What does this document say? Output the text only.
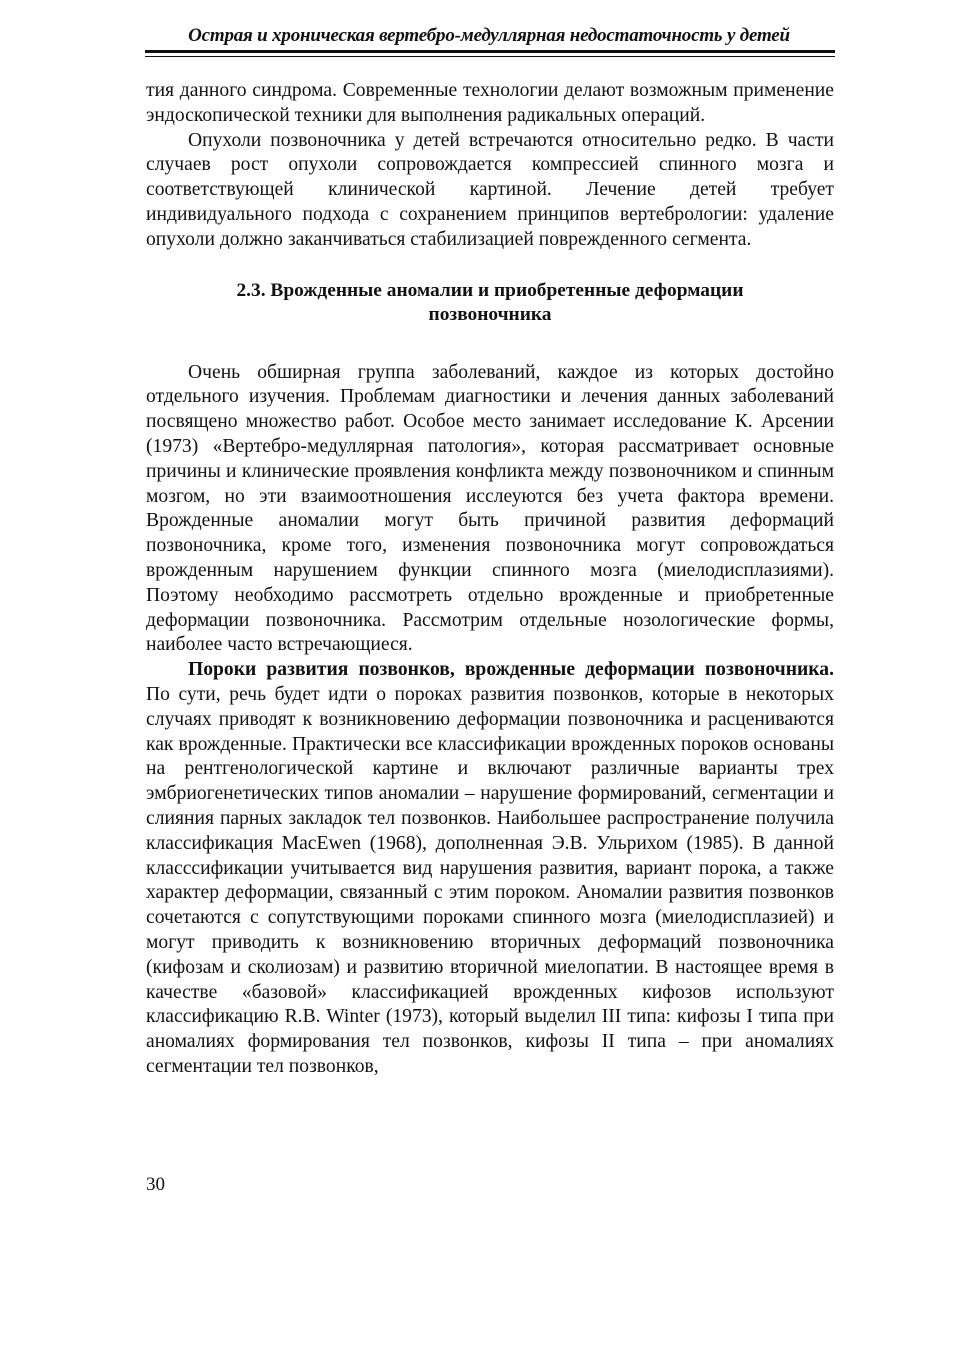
Острая и хроническая вертебро-медуллярная недостаточность у детей

тия данного синдрома. Современные технологии делают возможным применение эндоскопической техники для выполнения радикальных операций.

Опухоли позвоночника у детей встречаются относительно редко. В части случаев рост опухоли сопровождается компрессией спинного мозга и соответствующей клинической картиной. Лечение детей требует индивидуального подхода с сохранением принципов вертебрологии: удаление опухоли должно заканчиваться стабилизацией поврежденного сегмента.

2.3. Врожденные аномалии и приобретенные деформации
позвоночника

Очень обширная группа заболеваний, каждое из которых достойно отдельного изучения. Проблемам диагностики и лечения данных заболеваний посвящено множество работ. Особое место занимает исследование К. Арсении (1973) «Вертебро-медуллярная патология», которая рассматривает основные причины и клинические проявления конфликта между позвоночником и спинным мозгом, но эти взаимоотношения исслеуются без учета фактора времени. Врожденные аномалии могут быть причиной развития деформаций позвоночника, кроме того, изменения позвоночника могут сопровождаться врожденным нарушением функции спинного мозга (миелодисплазиями). Поэтому необходимо рассмотреть отдельно врожденные и приобретенные деформации позвоночника. Рассмотрим отдельные нозологические формы, наиболее часто встречающиеся.

Пороки развития позвонков, врожденные деформации позвоночника. По сути, речь будет идти о пороках развития позвонков, которые в некоторых случаях приводят к возникновению деформации позвоночника и расцениваются как врожденные. Практически все классификации врожденных пороков основаны на рентгенологической картине и включают различные варианты трех эмбриогенетических типов аномалии – нарушение формирований, сегментации и слияния парных закладок тел позвонков. Наибольшее распространение получила классификация MacEwen (1968), дополненная Э.В. Ульрихом (1985). В данной класссификации учитывается вид нарушения развития, вариант порока, а также характер деформации, связанный с этим пороком. Аномалии развития позвонков сочетаются с сопутствующими пороками спинного мозга (миелодисплазией) и могут приводить к возникновению вторичных деформаций позвоночника (кифозам и сколиозам) и развитию вторичной миелопатии. В настоящее время в качестве «базовой» классификацией врожденных кифозов используют классификацию R.B. Winter (1973), который выделил III типа: кифозы I типа при аномалиях формирования тел позвонков, кифозы II типа – при аномалиях сегментации тел позвонков,

30
